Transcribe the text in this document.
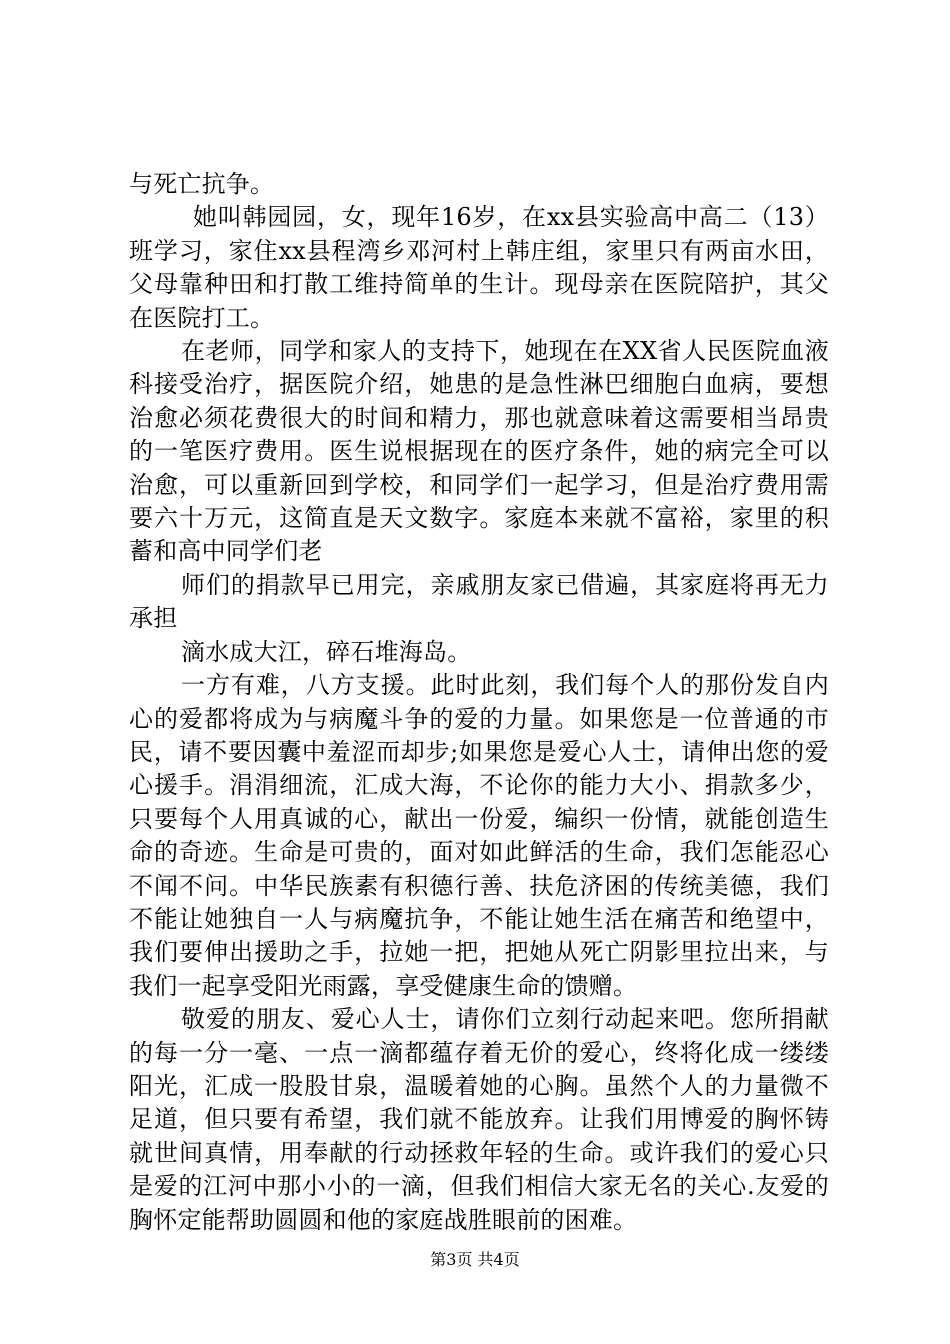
与死亡抗争。

她叫韩园园，女，现年16岁，在xx县实验高中高二（13）班学习，家住xx县程湾乡邓河村上韩庄组，家里只有两亩水田，父母靠种田和打散工维持简单的生计。现母亲在医院陪护，其父在医院打工。

在老师，同学和家人的支持下，她现在在XX省人民医院血液科接受治疗，据医院介绍，她患的是急性淋巴细胞白血病，要想治愈必须花费很大的时间和精力，那也就意味着这需要相当昂贵的一笔医疗费用。医生说根据现在的医疗条件，她的病完全可以治愈，可以重新回到学校，和同学们一起学习，但是治疗费用需要六十万元，这简直是天文数字。家庭本来就不富裕，家里的积蓄和高中同学们老

师们的捐款早已用完，亲戚朋友家已借遍，其家庭将再无力承担

滴水成大江，碎石堆海岛。

一方有难，八方支援。此时此刻，我们每个人的那份发自内心的爱都将成为与病魔斗争的爱的力量。如果您是一位普通的市民，请不要因囊中羞涩而却步;如果您是爱心人士，请伸出您的爱心援手。涓涓细流，汇成大海，不论你的能力大小、捐款多少，只要每个人用真诚的心，献出一份爱，编织一份情，就能创造生命的奇迹。生命是可贵的，面对如此鲜活的生命，我们怎能忍心不闻不问。中华民族素有积德行善、扶危济困的传统美德，我们不能让她独自一人与病魔抗争，不能让她生活在痛苦和绝望中，我们要伸出援助之手，拉她一把，把她从死亡阴影里拉出来，与我们一起享受阳光雨露，享受健康生命的馈赠。

敬爱的朋友、爱心人士，请你们立刻行动起来吧。您所捐献的每一分一毫、一点一滴都蕴存着无价的爱心，终将化成一缕缕阳光，汇成一股股甘泉，温暖着她的心胸。虽然个人的力量微不足道，但只要有希望，我们就不能放弃。让我们用博爱的胸怀铸就世间真情，用奉献的行动拯救年轻的生命。或许我们的爱心只是爱的江河中那小小的一滴，但我们相信大家无名的关心.友爱的胸怀定能帮助圆圆和他的家庭战胜眼前的困难。

第3页 共4页
